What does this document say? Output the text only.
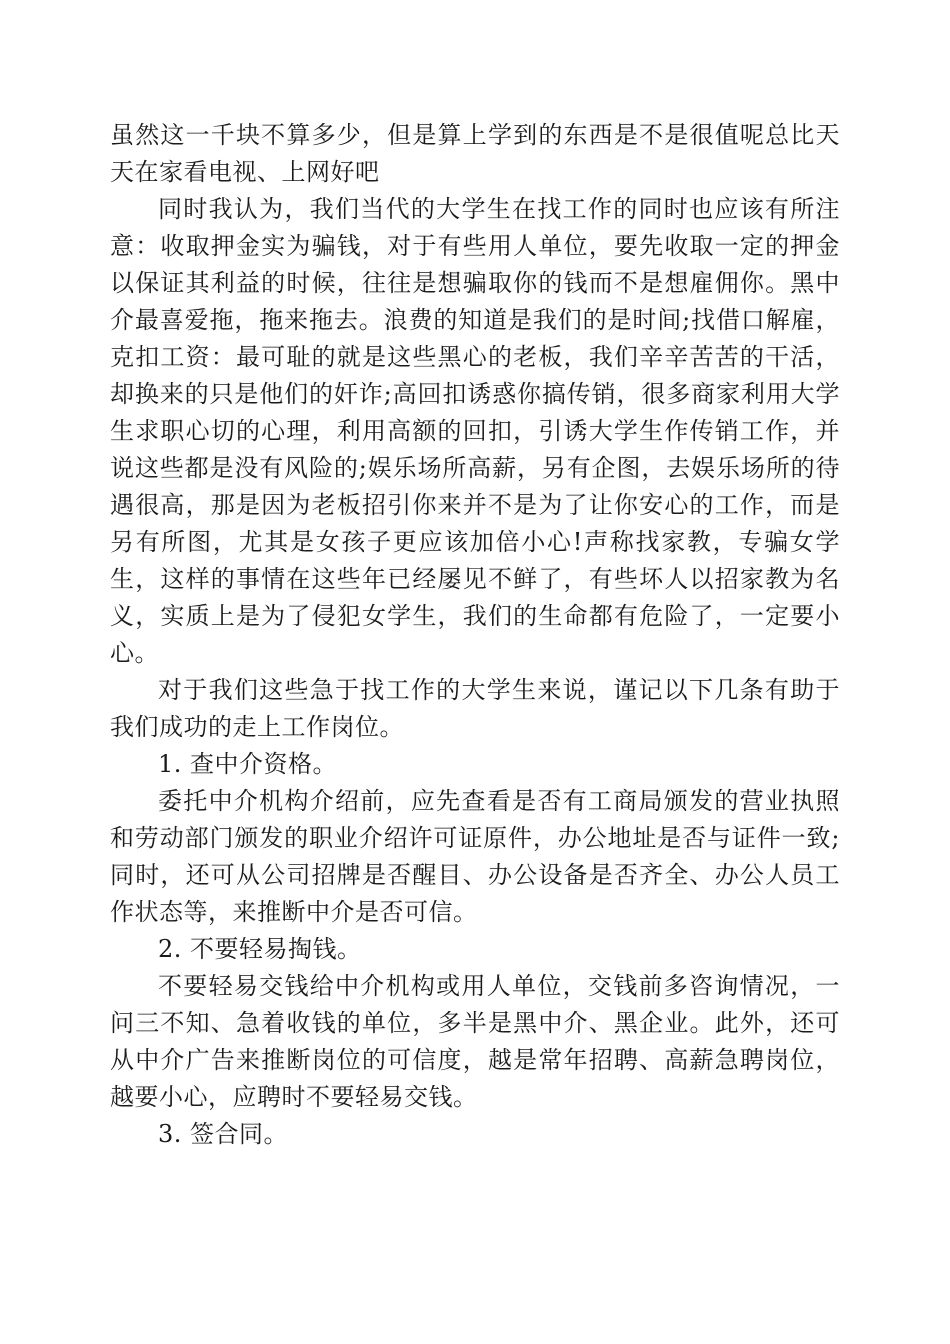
虽然这一千块不算多少，但是算上学到的东西是不是很值呢总比天天在家看电视、上网好吧

同时我认为，我们当代的大学生在找工作的同时也应该有所注意：收取押金实为骗钱，对于有些用人单位，要先收取一定的押金以保证其利益的时候，往往是想骗取你的钱而不是想雇佣你。黑中介最喜爱拖，拖来拖去。浪费的知道是我们的是时间;找借口解雇，克扣工资：最可耻的就是这些黑心的老板，我们辛辛苦苦的干活，却换来的只是他们的奸诈;高回扣诱惑你搞传销，很多商家利用大学生求职心切的心理，利用高额的回扣，引诱大学生作传销工作，并说这些都是没有风险的;娱乐场所高薪，另有企图，去娱乐场所的待遇很高，那是因为老板招引你来并不是为了让你安心的工作，而是另有所图，尤其是女孩子更应该加倍小心!声称找家教，专骗女学生，这样的事情在这些年已经屡见不鲜了，有些坏人以招家教为名义，实质上是为了侵犯女学生，我们的生命都有危险了，一定要小心。

对于我们这些急于找工作的大学生来说，谨记以下几条有助于我们成功的走上工作岗位。

1. 查中介资格。

委托中介机构介绍前，应先查看是否有工商局颁发的营业执照和劳动部门颁发的职业介绍许可证原件，办公地址是否与证件一致;同时，还可从公司招牌是否醒目、办公设备是否齐全、办公人员工作状态等，来推断中介是否可信。

2. 不要轻易掏钱。

不要轻易交钱给中介机构或用人单位，交钱前多咨询情况，一问三不知、急着收钱的单位，多半是黑中介、黑企业。此外，还可从中介广告来推断岗位的可信度，越是常年招聘、高薪急聘岗位，越要小心，应聘时不要轻易交钱。

3. 签合同。
